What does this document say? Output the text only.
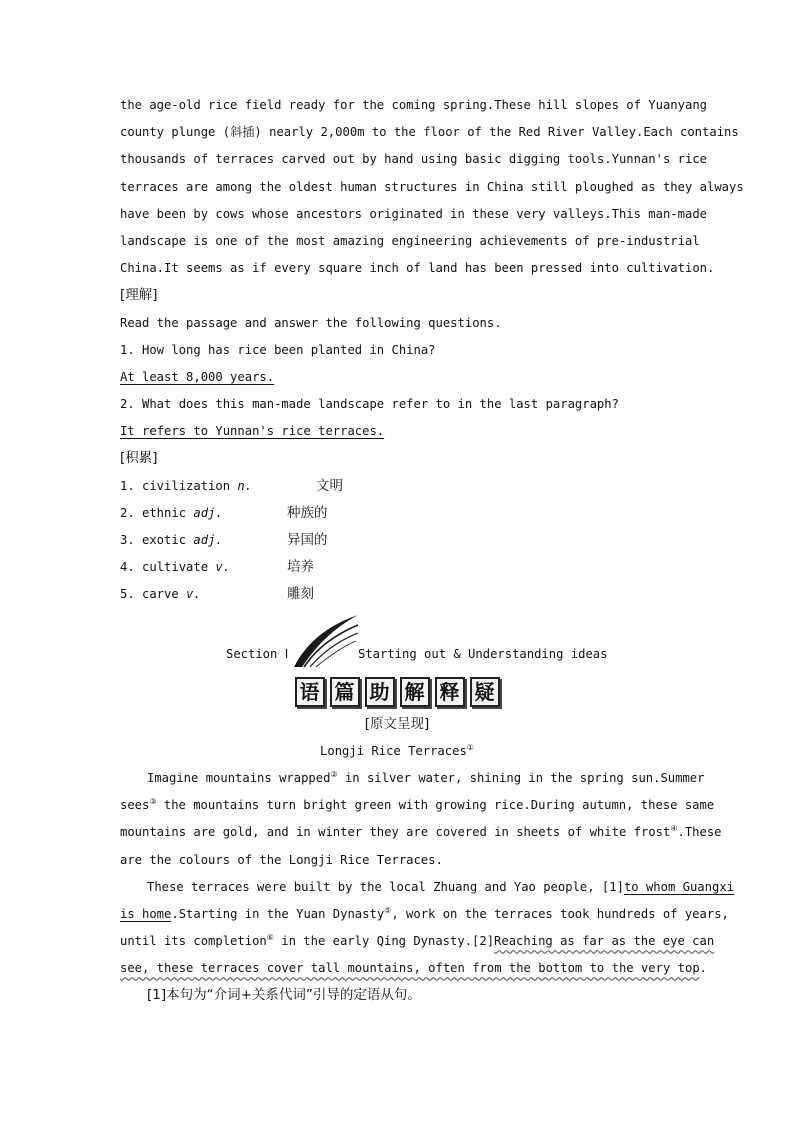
the age-old rice field ready for the coming spring.These hill slopes of Yuanyang
county plunge (斜插) nearly 2,000m to the floor of the Red River Valley.Each contains
thousands of terraces carved out by hand using basic digging tools.Yunnan's rice
terraces are among the oldest human structures in China still ploughed as they always
have been by cows whose ancestors originated in these very valleys.This man-made
landscape is one of the most amazing engineering achievements of pre-industrial
China.It seems as if every square inch of land has been pressed into cultivation.
[理解]
Read the passage and answer the following questions.
1. How long has rice been planted in China?
At least 8,000 years.
2. What does this man-made landscape refer to in the last paragraph?
It refers to Yunnan's rice terraces.
[积累]
1. civilization n.	文明
2. ethnic adj.	种族的
3. exotic adj.	异国的
4. cultivate v.	培养
5. carve v.	雕刻
Section Ⅰ	Starting out & Understanding ideas
语 篇 助 解 释 疑
[原文呈现]
Longji Rice Terraces①
Imagine mountains wrapped② in silver water, shining in the spring sun.Summer
sees③ the mountains turn bright green with growing rice.During autumn, these same
mountains are gold, and in winter they are covered in sheets of white frost④.These
are the colours of the Longji Rice Terraces.
These terraces were built by the local Zhuang and Yao people, [1]to whom Guangxi
is home.Starting in the Yuan Dynasty⑤, work on the terraces took hundreds of years,
until its completion⑥ in the early Qing Dynasty.[2]Reaching as far as the eye can
see, these terraces cover tall mountains, often from the bottom to the very top.
[1]本句为“介词+关系代词”引导的定语从句。
